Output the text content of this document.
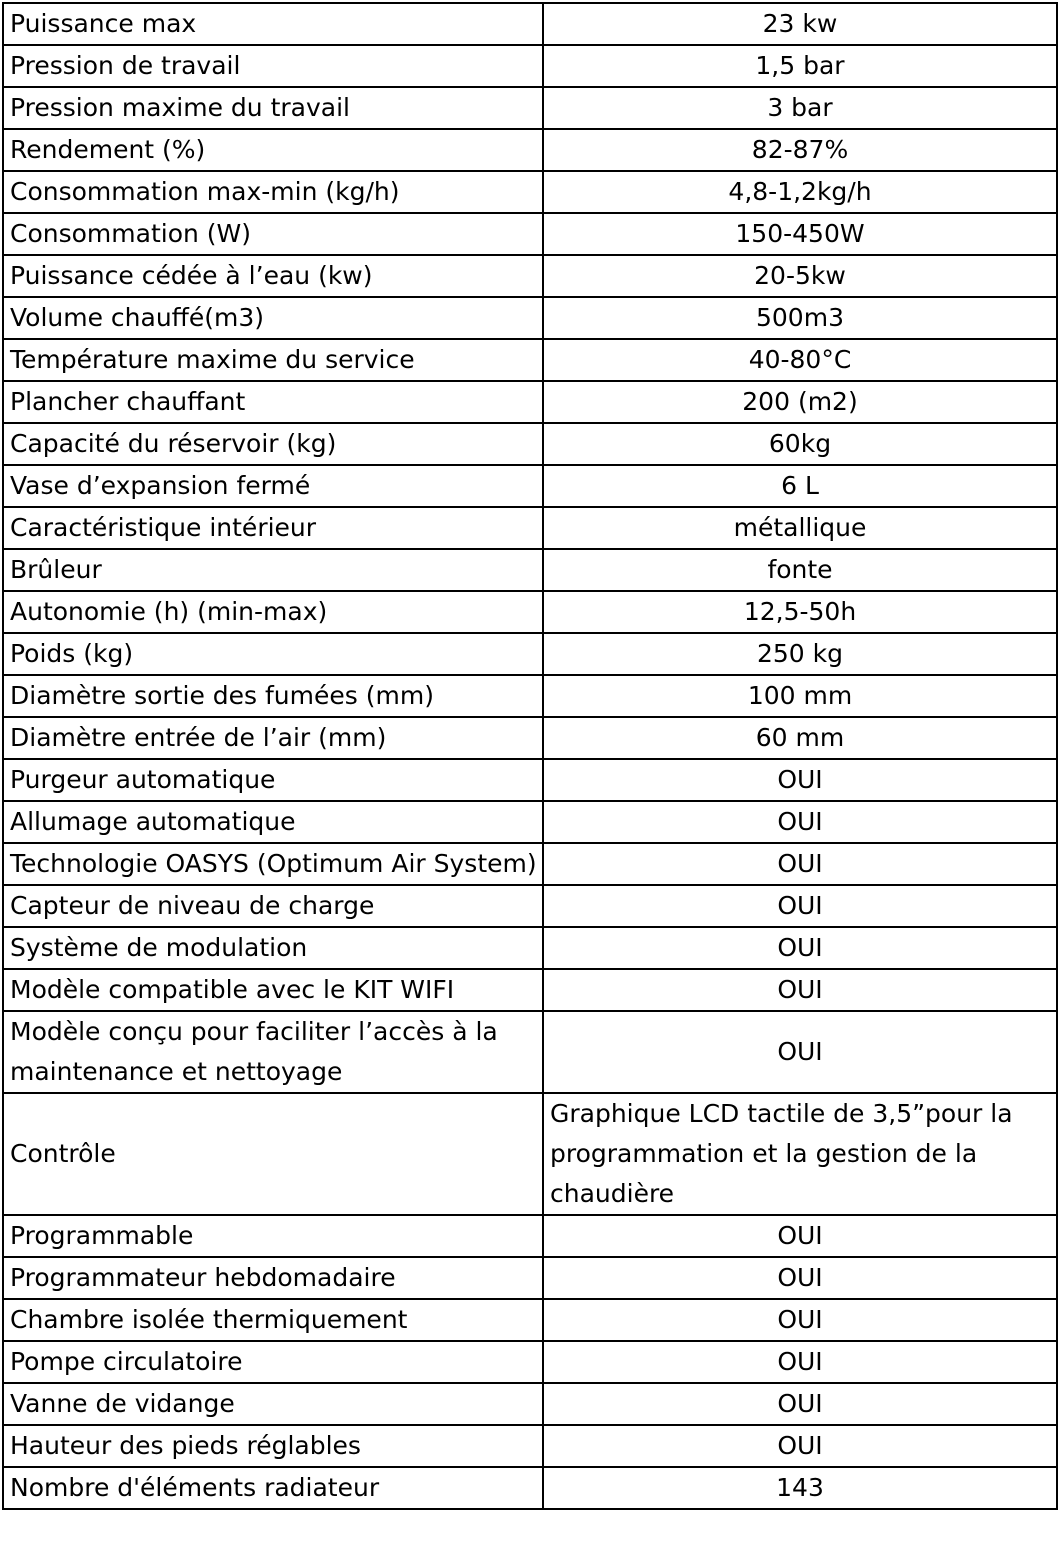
Puissance max	23 kw
Pression de travail	1,5 bar
Pression maxime du travail	3 bar
Rendement (%)	82-87%
Consommation max-min (kg/h)	4,8-1,2kg/h
Consommation (W)	150-450W
Puissance cédée à l’eau (kw)	20-5kw
Volume chauffé(m3)	500m3
Température maxime du service	40-80°C
Plancher chauffant	200 (m2)
Capacité du réservoir (kg)	60kg
Vase d’expansion fermé	6 L
Caractéristique intérieur	métallique
Brûleur	fonte
Autonomie (h) (min-max)	12,5-50h
Poids (kg)	250 kg
Diamètre sortie des fumées (mm)	100 mm
Diamètre entrée de l’air (mm)	60 mm
Purgeur automatique	OUI
Allumage automatique	OUI
Technologie OASYS (Optimum Air System)	OUI
Capteur de niveau de charge	OUI
Système de modulation	OUI
Modèle compatible avec le KIT WIFI	OUI

Modèle conçu pour faciliter l’accès à la
maintenance et nettoyage	OUI
Contrôle	Graphique LCD tactile de 3,5”pour la
programmation et la gestion de la
chaudière

Programmable	OUI
Programmateur hebdomadaire	OUI
Chambre isolée thermiquement	OUI
Pompe circulatoire	OUI
Vanne de vidange	OUI
Hauteur des pieds réglables	OUI
Nombre d'éléments radiateur	143
